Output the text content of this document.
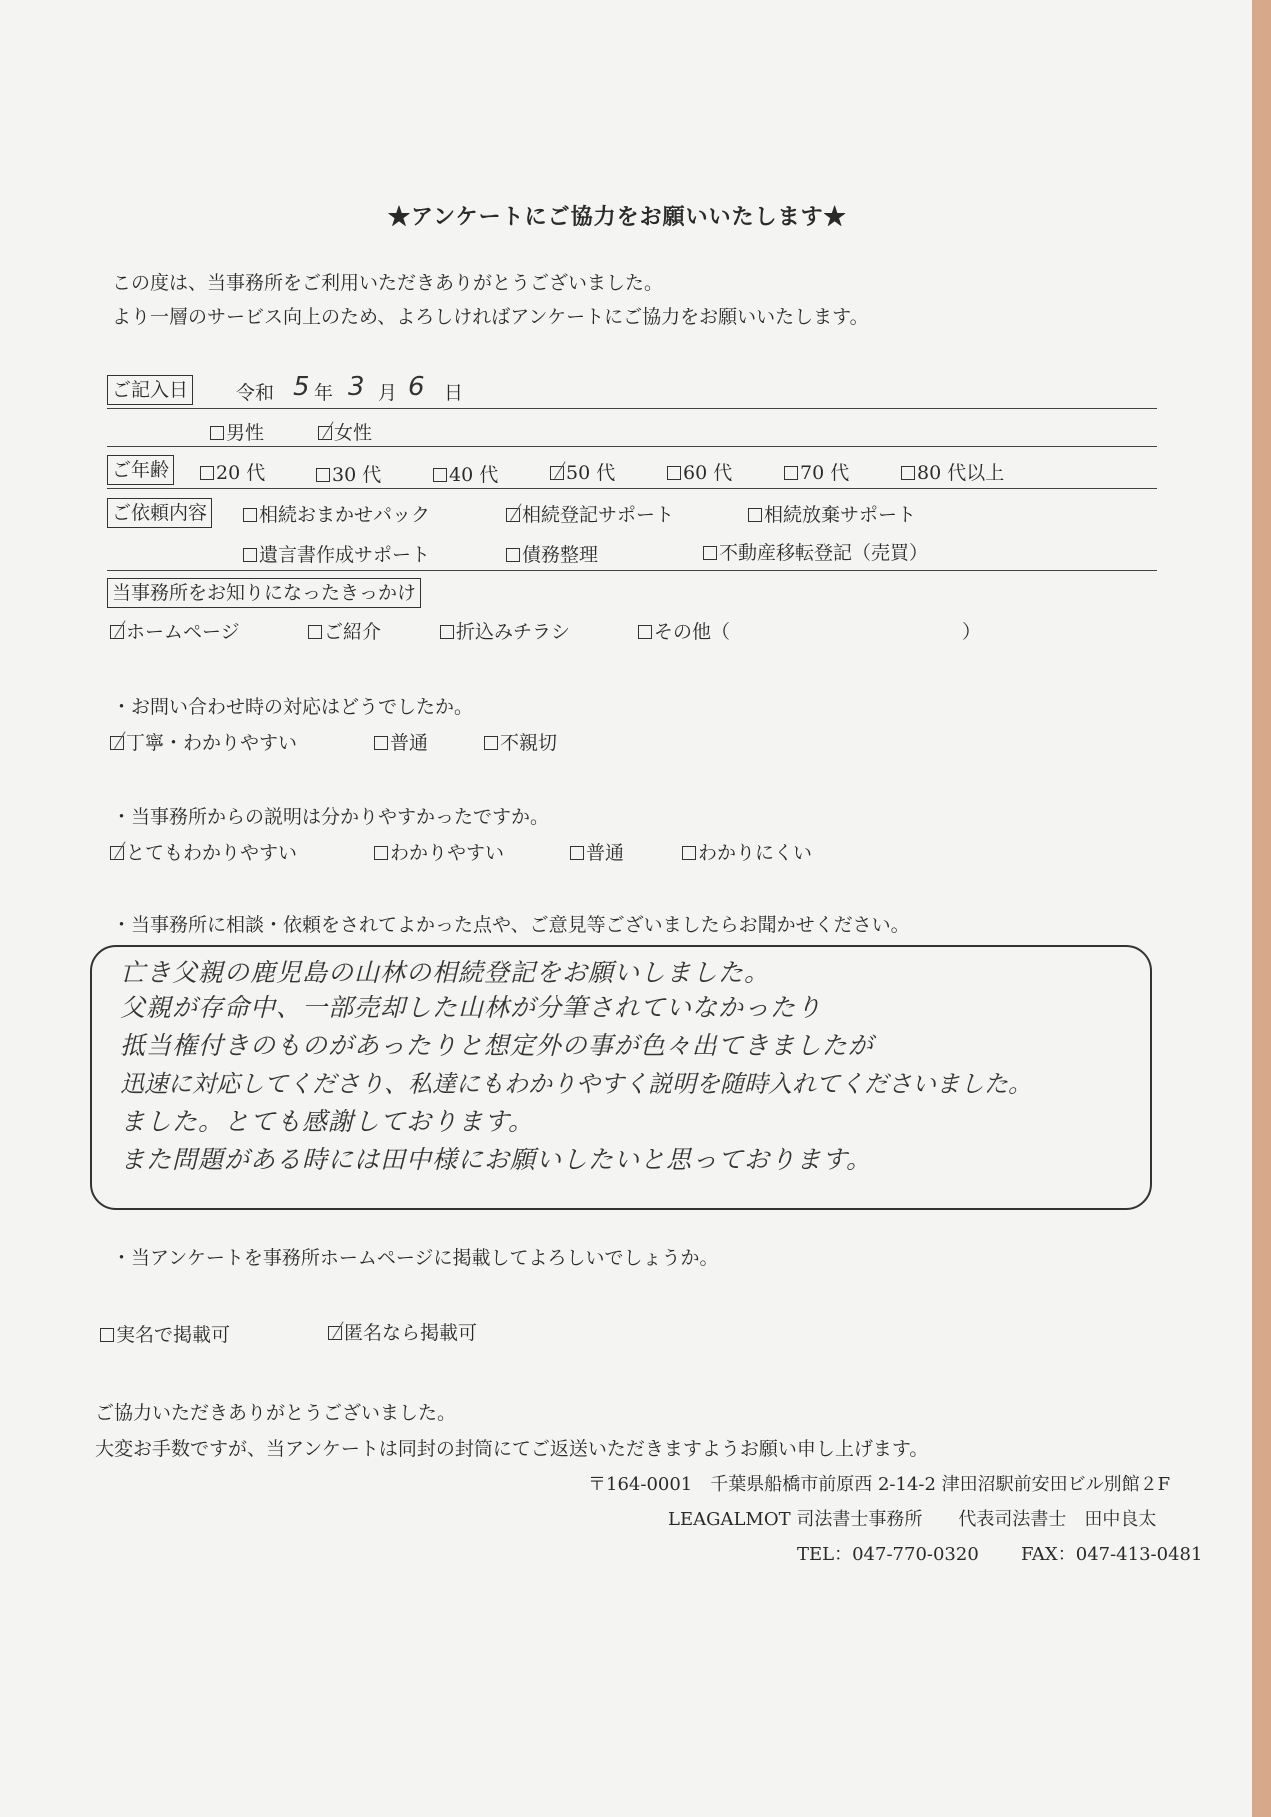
★アンケートにご協力をお願いいたします★
この度は、当事務所をご利用いただきありがとうございました。
より一層のサービス向上のため、よろしければアンケートにご協力をお願いいたします。
ご記入日	令和 5 年 3 月 6 日
男性	女性
ご年齢	20 代	30 代	40 代	50 代	60 代	70 代	80 代以上
ご依頼内容	相続おまかせパック	相続登記サポート	相続放棄サポート
遺言書作成サポート	債務整理	不動産移転登記（売買）
当事務所をお知りになったきっかけ
ホームページ	ご紹介	折込みチラシ	その他（	）
・お問い合わせ時の対応はどうでしたか。
丁寧・わかりやすい	普通	不親切
・当事務所からの説明は分かりやすかったですか。
とてもわかりやすい	わかりやすい	普通	わかりにくい
・当事務所に相談・依頼をされてよかった点や、ご意見等ございましたらお聞かせください。
亡き父親の鹿児島の山林の相続登記をお願いしました。
父親が存命中、一部売却した山林が分筆されていなかったり
抵当権付きのものがあったりと想定外の事が色々出てきましたが
迅速に対応してくださり、私達にもわかりやすく説明を随時入れてくださいました。
ました。とても感謝しております。
また問題がある時には田中様にお願いしたいと思っております。
・当アンケートを事務所ホームページに掲載してよろしいでしょうか。
実名で掲載可	匿名なら掲載可
ご協力いただきありがとうございました。
大変お手数ですが、当アンケートは同封の封筒にてご返送いただきますようお願い申し上げます。
〒164-0001　千葉県船橋市前原西 2-14-2 津田沼駅前安田ビル別館２F
LEAGALMOT 司法書士事務所　　代表司法書士　田中良太
TEL：047-770-0320 FAX：047-413-0481
